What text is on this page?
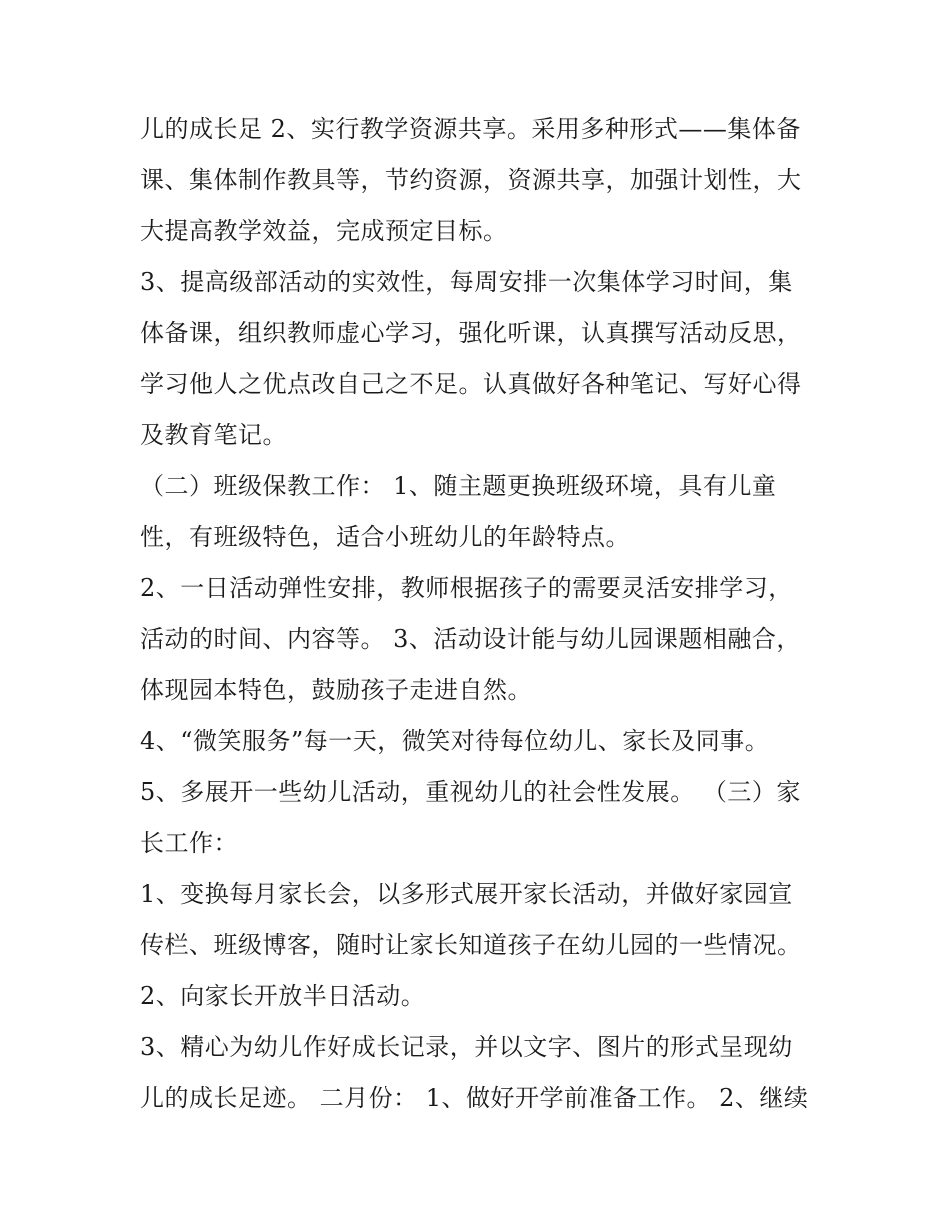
儿的成长足 2、实行教学资源共享。采用多种形式——集体备
课、集体制作教具等，节约资源，资源共享，加强计划性，大
大提高教学效益，完成预定目标。
3、提高级部活动的实效性，每周安排一次集体学习时间，集
体备课，组织教师虚心学习，强化听课，认真撰写活动反思，
学习他人之优点改自己之不足。认真做好各种笔记、写好心得
及教育笔记。
（二）班级保教工作： 1、随主题更换班级环境，具有儿童
性，有班级特色，适合小班幼儿的年龄特点。
2、一日活动弹性安排，教师根据孩子的需要灵活安排学习，
活动的时间、内容等。 3、活动设计能与幼儿园课题相融合，
体现园本特色，鼓励孩子走进自然。
4、“微笑服务”每一天，微笑对待每位幼儿、家长及同事。
5、多展开一些幼儿活动，重视幼儿的社会性发展。 （三）家
长工作：
1、变换每月家长会，以多形式展开家长活动，并做好家园宣
传栏、班级博客，随时让家长知道孩子在幼儿园的一些情况。
2、向家长开放半日活动。
3、精心为幼儿作好成长记录，并以文字、图片的形式呈现幼
儿的成长足迹。 二月份： 1、做好开学前准备工作。 2、继续
